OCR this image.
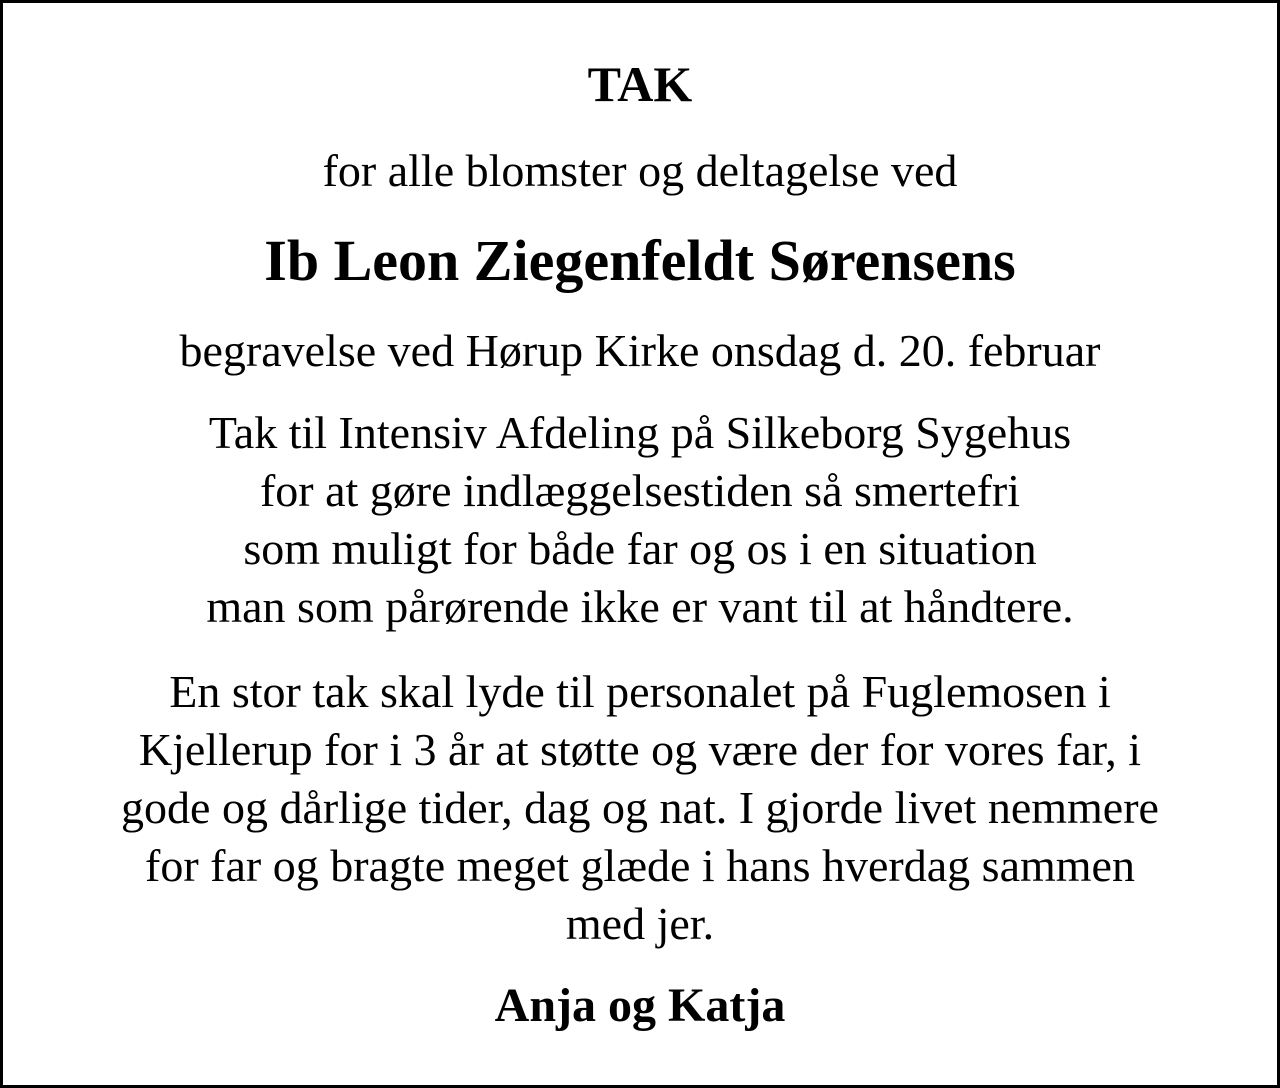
TAK

for alle blomster og deltagelse ved

Ib Leon Ziegenfeldt Sørensens

begravelse ved Hørup Kirke onsdag d. 20. februar

Tak til Intensiv Afdeling på Silkeborg Sygehus
for at gøre indlæggelsestiden så smertefri
som muligt for både far og os i en situation
man som pårørende ikke er vant til at håndtere.
En stor tak skal lyde til personalet på Fuglemosen i
Kjellerup for i 3 år at støtte og være der for vores far, i
gode og dårlige tider, dag og nat. I gjorde livet nemmere
for far og bragte meget glæde i hans hverdag sammen
med jer.

Anja og Katja
